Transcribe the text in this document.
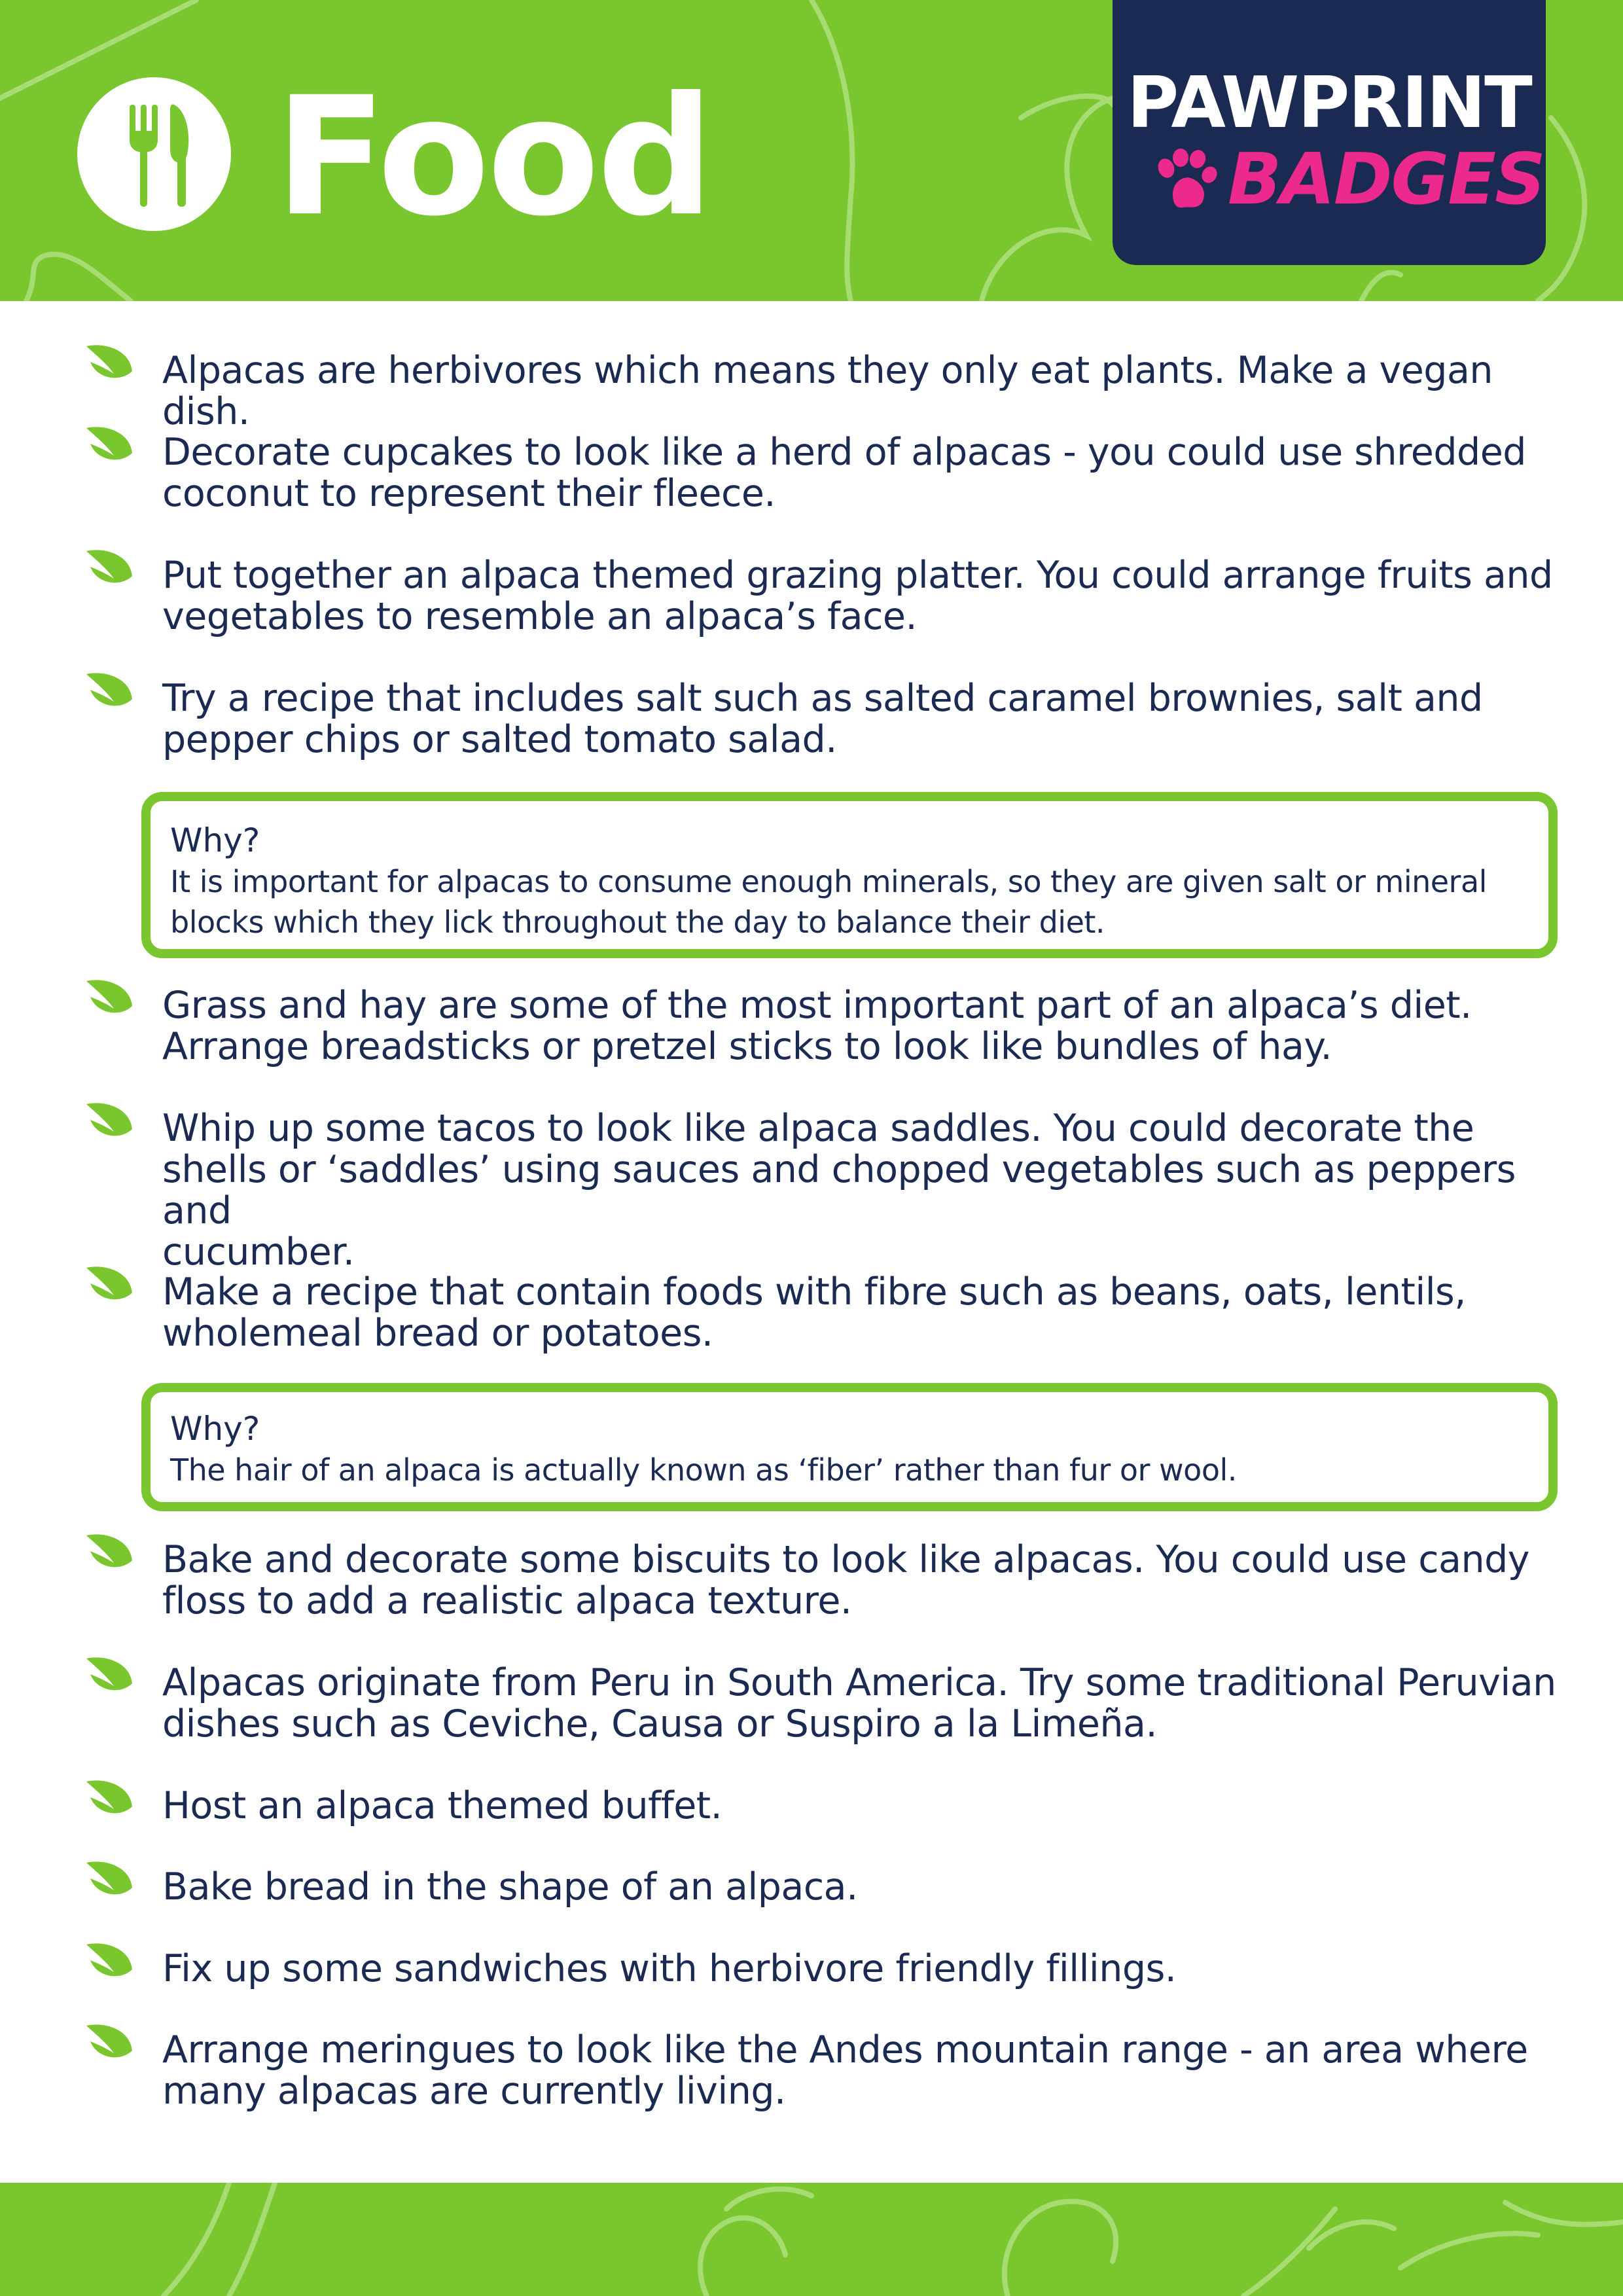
Food	PAWPRINT
BADGES
Alpacas are herbivores which means they only eat plants. Make a vegan dish.
Decorate cupcakes to look like a herd of alpacas - you could use shredded
coconut to represent their fleece.
Put together an alpaca themed grazing platter. You could arrange fruits and
vegetables to resemble an alpaca’s face.
Try a recipe that includes salt such as salted caramel brownies, salt and
pepper chips or salted tomato salad.
Why?
It is important for alpacas to consume enough minerals, so they are given salt or mineral
blocks which they lick throughout the day to balance their diet.
Grass and hay are some of the most important part of an alpaca’s diet.
Arrange breadsticks or pretzel sticks to look like bundles of hay.
Whip up some tacos to look like alpaca saddles. You could decorate the
shells or ‘saddles’ using sauces and chopped vegetables such as peppers and
cucumber.
Make a recipe that contain foods with fibre such as beans, oats, lentils,
wholemeal bread or potatoes.
Why?
The hair of an alpaca is actually known as ‘fiber’ rather than fur or wool.
Bake and decorate some biscuits to look like alpacas. You could use candy
floss to add a realistic alpaca texture.
Alpacas originate from Peru in South America. Try some traditional Peruvian
dishes such as Ceviche, Causa or Suspiro a la Limeña.
Host an alpaca themed buffet.
Bake bread in the shape of an alpaca.
Fix up some sandwiches with herbivore friendly fillings.
Arrange meringues to look like the Andes mountain range - an area where
many alpacas are currently living.
